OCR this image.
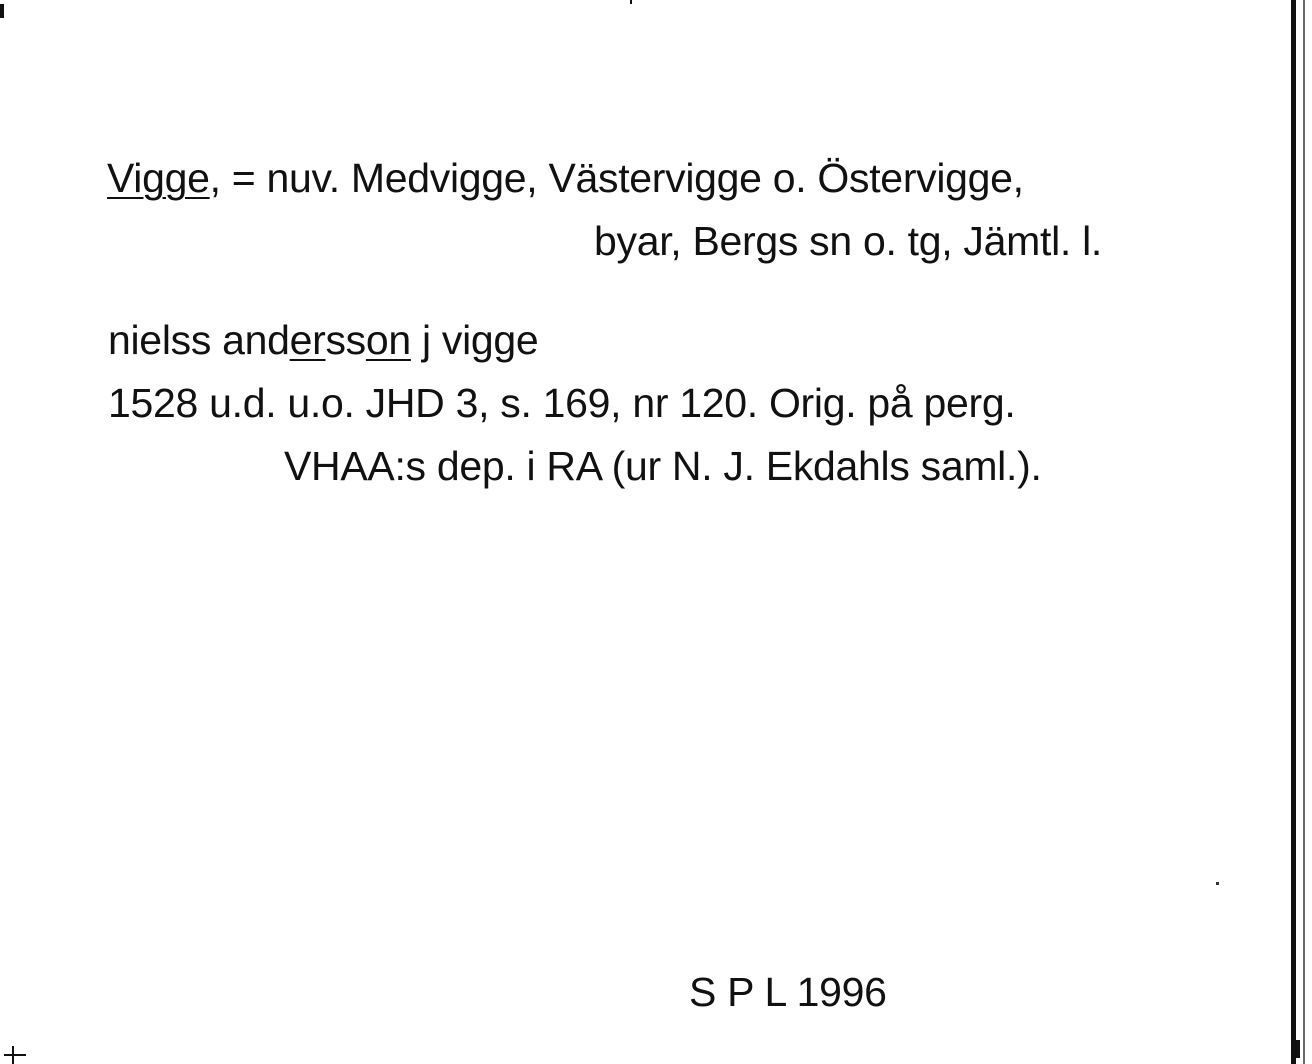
Vigge, = nuv. Medvigge, Västervigge o. Östervigge,

byar, Bergs sn o. tg, Jämtl. l.

nielss andersson j vigge

1528 u.d. u.o. JHD 3, s. 169, nr 120. Orig. på perg.

VHAA:s dep. i RA (ur N. J. Ekdahls saml.).

S P L 1996
